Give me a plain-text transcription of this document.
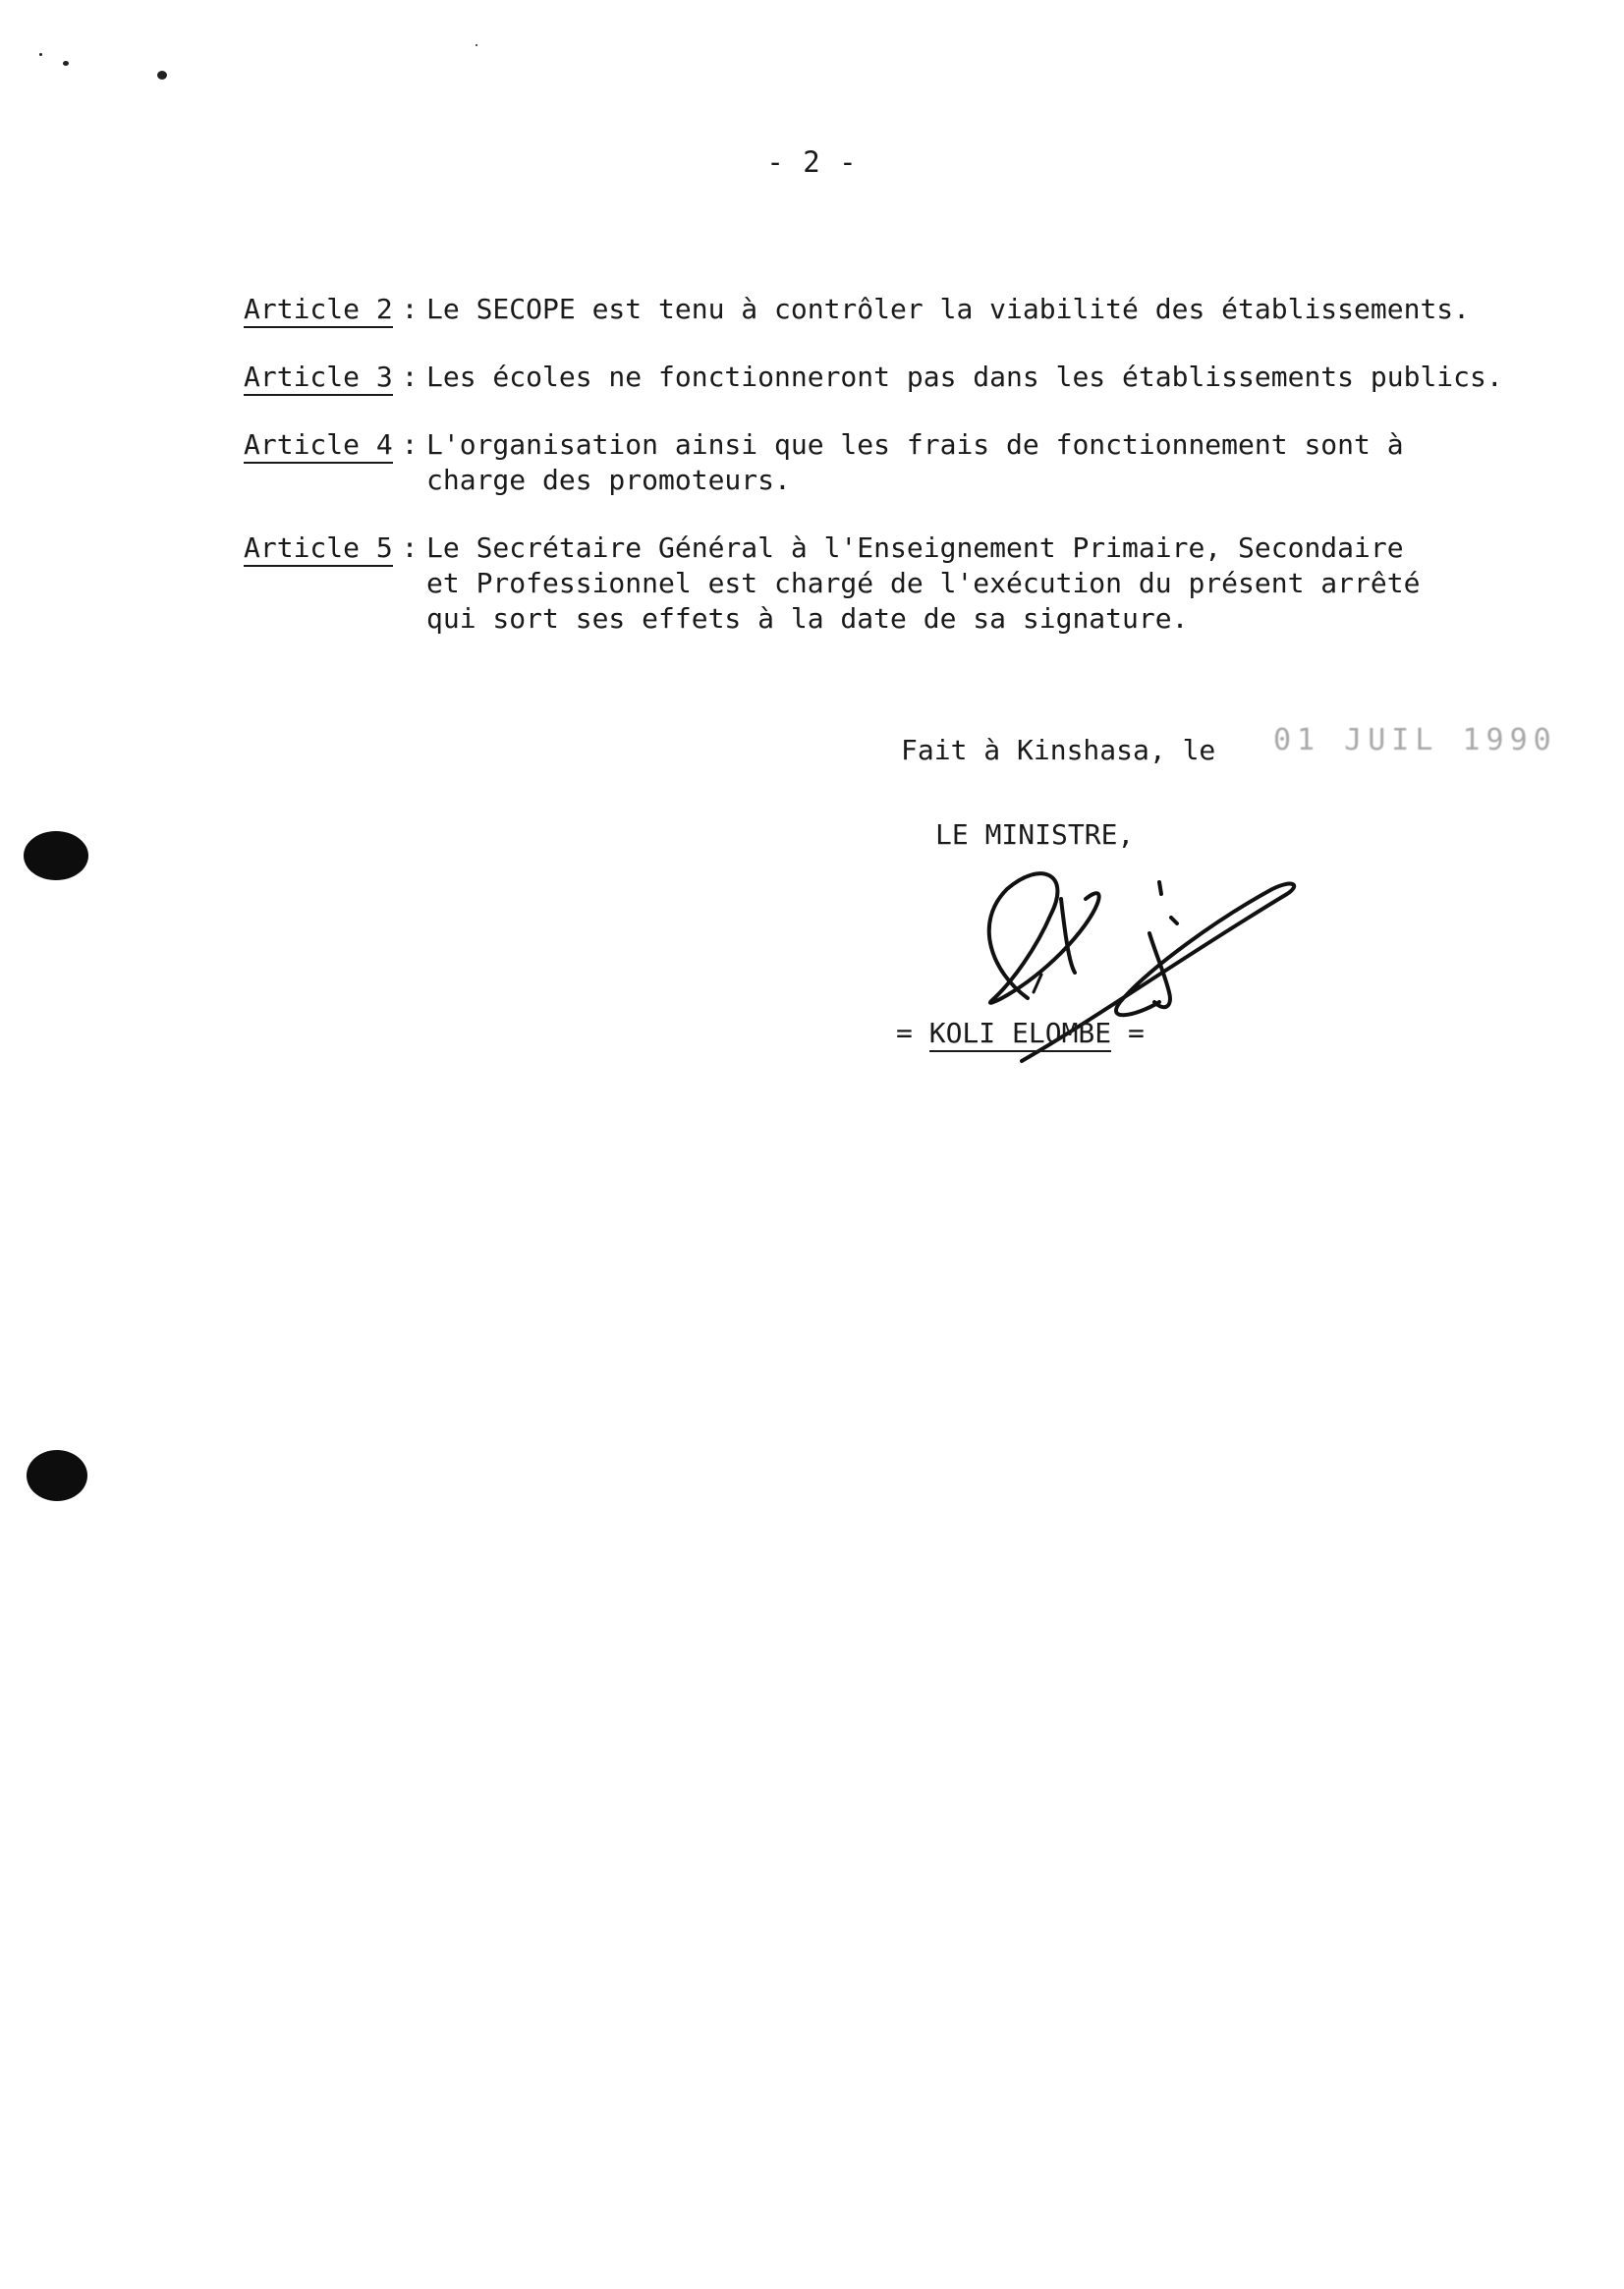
- 2 -
Article 2 : Le SECOPE est tenu à contrôler la viabilité des établissements.
Article 3 : Les écoles ne fonctionneront pas dans les établissements publics.
Article 4 : L'organisation ainsi que les frais de fonctionnement sont à
charge des promoteurs.
Article 5 : Le Secrétaire Général à l'Enseignement Primaire, Secondaire
et Professionnel est chargé de l'exécution du présent arrêté
qui sort ses effets à la date de sa signature.
Fait à Kinshasa, le 01 JUIL 1990
LE MINISTRE,
= KOLI ELOMBE =
